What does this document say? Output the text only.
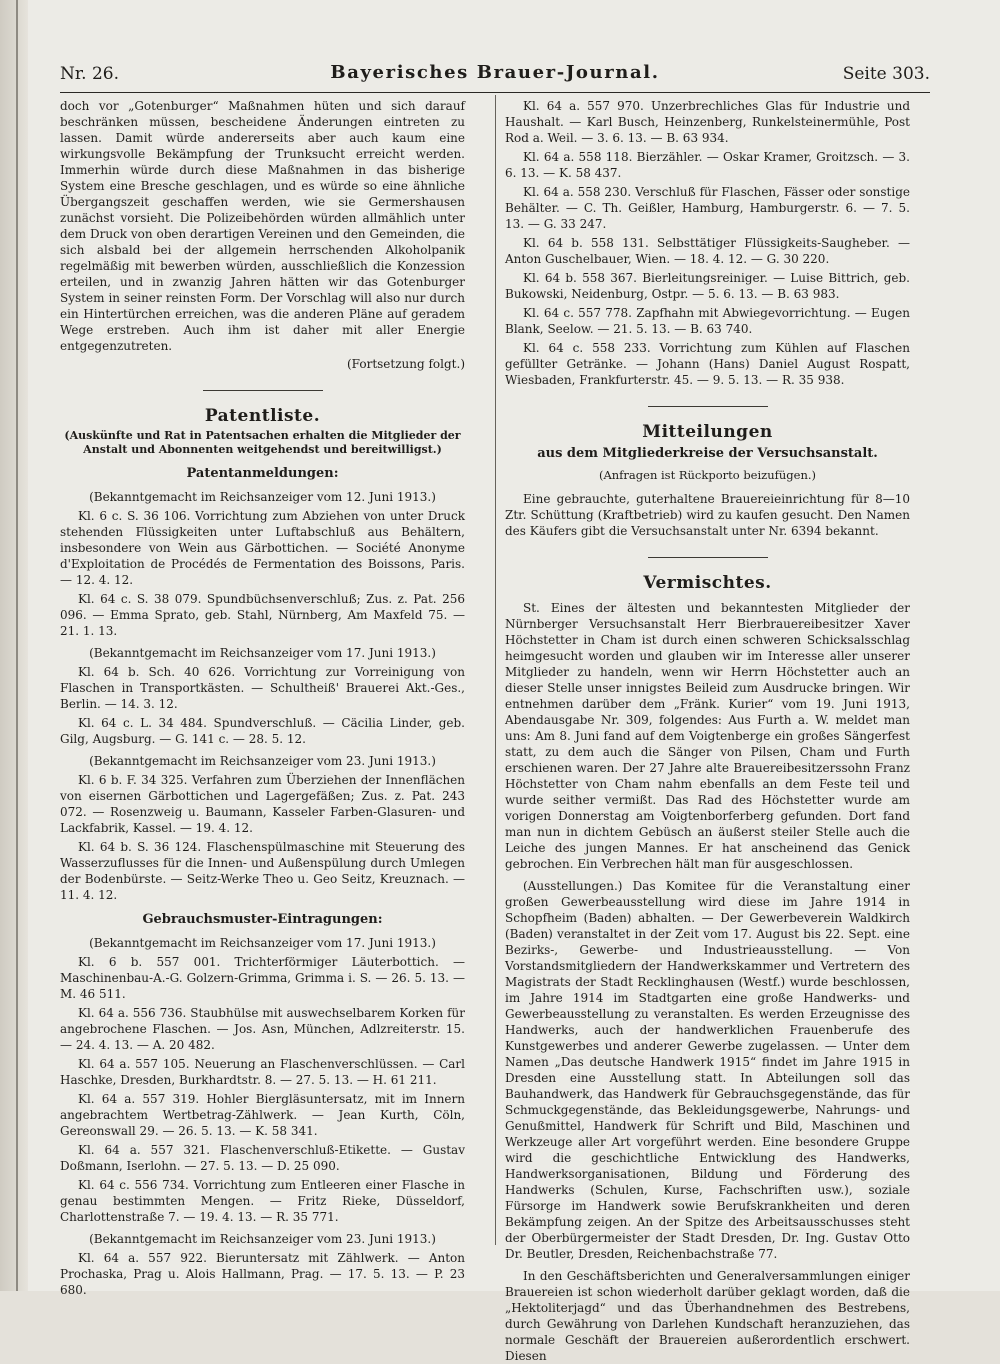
Nr. 26.	Bayerisches Brauer-Journal.	Seite 303.

doch vor „Gotenburger“ Maßnahmen hüten und sich darauf beschränken müssen, bescheidene Änderungen eintreten zu lassen. Damit würde andererseits aber auch kaum eine wirkungsvolle Bekämpfung der Trunksucht erreicht werden. Immerhin würde durch diese Maßnahmen in das bisherige System eine Bresche geschlagen, und es würde so eine ähnliche Übergangszeit geschaffen werden, wie sie Germershausen zunächst vorsieht. Die Polizeibehörden würden allmählich unter dem Druck von oben derartigen Vereinen und den Gemeinden, die sich alsbald bei der allgemein herrschenden Alkoholpanik regelmäßig mit bewerben würden, ausschließlich die Konzession erteilen, und in zwanzig Jahren hätten wir das Gotenburger System in seiner reinsten Form. Der Vorschlag will also nur durch ein Hintertürchen erreichen, was die anderen Pläne auf geradem Wege erstreben. Auch ihm ist daher mit aller Energie entgegenzutreten.

(Fortsetzung folgt.)

Patentliste.
(Auskünfte und Rat in Patentsachen erhalten die Mitglieder der Anstalt und Abonnenten weitgehendst und bereitwilligst.)
Patentanmeldungen:

(Bekanntgemacht im Reichsanzeiger vom 12. Juni 1913.)

Kl. 6 c. S. 36 106. Vorrichtung zum Abziehen von unter Druck stehenden Flüssigkeiten unter Luftabschluß aus Behältern, insbesondere von Wein aus Gärbottichen. — Société Anonyme d'Exploitation de Procédés de Fermentation des Boissons, Paris. — 12. 4. 12.

Kl. 64 c. S. 38 079. Spundbüchsenverschluß; Zus. z. Pat. 256 096. — Emma Sprato, geb. Stahl, Nürnberg, Am Maxfeld 75. — 21. 1. 13.

(Bekanntgemacht im Reichsanzeiger vom 17. Juni 1913.)

Kl. 64 b. Sch. 40 626. Vorrichtung zur Vorreinigung von Flaschen in Transportkästen. — Schultheiß' Brauerei Akt.-Ges., Berlin. — 14. 3. 12.

Kl. 64 c. L. 34 484. Spundverschluß. — Cäcilia Linder, geb. Gilg, Augsburg. — G. 141 c. — 28. 5. 12.

(Bekanntgemacht im Reichsanzeiger vom 23. Juni 1913.)

Kl. 6 b. F. 34 325. Verfahren zum Überziehen der Innenflächen von eisernen Gärbottichen und Lagergefäßen; Zus. z. Pat. 243 072. — Rosenzweig u. Baumann, Kasseler Farben-Glasuren- und Lackfabrik, Kassel. — 19. 4. 12.

Kl. 64 b. S. 36 124. Flaschenspülmaschine mit Steuerung des Wasserzuflusses für die Innen- und Außenspülung durch Umlegen der Bodenbürste. — Seitz-Werke Theo u. Geo Seitz, Kreuznach. — 11. 4. 12.

Gebrauchsmuster-Eintragungen:

(Bekanntgemacht im Reichsanzeiger vom 17. Juni 1913.)

Kl. 6 b. 557 001. Trichterförmiger Läuterbottich. — Maschinenbau-A.-G. Golzern-Grimma, Grimma i. S. — 26. 5. 13. — M. 46 511.

Kl. 64 a. 556 736. Staubhülse mit auswechselbarem Korken für angebrochene Flaschen. — Jos. Asn, München, Adlzreiterstr. 15. — 24. 4. 13. — A. 20 482.

Kl. 64 a. 557 105. Neuerung an Flaschenverschlüssen. — Carl Haschke, Dresden, Burkhardtstr. 8. — 27. 5. 13. — H. 61 211.

Kl. 64 a. 557 319. Hohler Biergläsuntersatz, mit im Innern angebrachtem Wertbetrag-Zählwerk. — Jean Kurth, Cöln, Gereonswall 29. — 26. 5. 13. — K. 58 341.

Kl. 64 a. 557 321. Flaschenverschluß-Etikette. — Gustav Doßmann, Iserlohn. — 27. 5. 13. — D. 25 090.

Kl. 64 c. 556 734. Vorrichtung zum Entleeren einer Flasche in genau bestimmten Mengen. — Fritz Rieke, Düsseldorf, Charlottenstraße 7. — 19. 4. 13. — R. 35 771.

(Bekanntgemacht im Reichsanzeiger vom 23. Juni 1913.)

Kl. 64 a. 557 922. Bieruntersatz mit Zählwerk. — Anton Prochaska, Prag u. Alois Hallmann, Prag. — 17. 5. 13. — P. 23 680.

Kl. 64 a. 557 970. Unzerbrechliches Glas für Industrie und Haushalt. — Karl Busch, Heinzenberg, Runkelsteinermühle, Post Rod a. Weil. — 3. 6. 13. — B. 63 934.

Kl. 64 a. 558 118. Bierzähler. — Oskar Kramer, Groitzsch. — 3. 6. 13. — K. 58 437.

Kl. 64 a. 558 230. Verschluß für Flaschen, Fässer oder sonstige Behälter. — C. Th. Geißler, Hamburg, Hamburgerstr. 6. — 7. 5. 13. — G. 33 247.

Kl. 64 b. 558 131. Selbsttätiger Flüssigkeits-Saugheber. — Anton Guschelbauer, Wien. — 18. 4. 12. — G. 30 220.

Kl. 64 b. 558 367. Bierleitungsreiniger. — Luise Bittrich, geb. Bukowski, Neidenburg, Ostpr. — 5. 6. 13. — B. 63 983.

Kl. 64 c. 557 778. Zapfhahn mit Abwiegevorrichtung. — Eugen Blank, Seelow. — 21. 5. 13. — B. 63 740.

Kl. 64 c. 558 233. Vorrichtung zum Kühlen auf Flaschen gefüllter Getränke. — Johann (Hans) Daniel August Rospatt, Wiesbaden, Frankfurterstr. 45. — 9. 5. 13. — R. 35 938.

Mitteilungen
aus dem Mitgliederkreise der Versuchsanstalt.
(Anfragen ist Rückporto beizufügen.)

Eine gebrauchte, guterhaltene Brauereieinrichtung für 8—10 Ztr. Schüttung (Kraftbetrieb) wird zu kaufen gesucht. Den Namen des Käufers gibt die Versuchsanstalt unter Nr. 6394 bekannt.

Vermischtes.

St. Eines der ältesten und bekanntesten Mitglieder der Nürnberger Versuchsanstalt Herr Bierbrauereibesitzer Xaver Höchstetter in Cham ist durch einen schweren Schicksalsschlag heimgesucht worden und glauben wir im Interesse aller unserer Mitglieder zu handeln, wenn wir Herrn Höchstetter auch an dieser Stelle unser innigstes Beileid zum Ausdrucke bringen. Wir entnehmen darüber dem „Fränk. Kurier“ vom 19. Juni 1913, Abendausgabe Nr. 309, folgendes: Aus Furth a. W. meldet man uns: Am 8. Juni fand auf dem Voigtenberge ein großes Sängerfest statt, zu dem auch die Sänger von Pilsen, Cham und Furth erschienen waren. Der 27 Jahre alte Brauereibesitzerssohn Franz Höchstetter von Cham nahm ebenfalls an dem Feste teil und wurde seither vermißt. Das Rad des Höchstetter wurde am vorigen Donnerstag am Voigtenborferberg gefunden. Dort fand man nun in dichtem Gebüsch an äußerst steiler Stelle auch die Leiche des jungen Mannes. Er hat anscheinend das Genick gebrochen. Ein Verbrechen hält man für ausgeschlossen.

(Ausstellungen.) Das Komitee für die Veranstaltung einer großen Gewerbeausstellung wird diese im Jahre 1914 in Schopfheim (Baden) abhalten. — Der Gewerbeverein Waldkirch (Baden) veranstaltet in der Zeit vom 17. August bis 22. Sept. eine Bezirks-, Gewerbe- und Industrieausstellung. — Von Vorstandsmitgliedern der Handwerkskammer und Vertretern des Magistrats der Stadt Recklinghausen (Westf.) wurde beschlossen, im Jahre 1914 im Stadtgarten eine große Handwerks- und Gewerbeausstellung zu veranstalten. Es werden Erzeugnisse des Handwerks, auch der handwerklichen Frauenberufe des Kunstgewerbes und anderer Gewerbe zugelassen. — Unter dem Namen „Das deutsche Handwerk 1915“ findet im Jahre 1915 in Dresden eine Ausstellung statt. In Abteilungen soll das Bauhandwerk, das Handwerk für Gebrauchsgegenstände, das für Schmuckgegenstände, das Bekleidungsgewerbe, Nahrungs- und Genußmittel, Handwerk für Schrift und Bild, Maschinen und Werkzeuge aller Art vorgeführt werden. Eine besondere Gruppe wird die geschichtliche Entwicklung des Handwerks, Handwerksorganisationen, Bildung und Förderung des Handwerks (Schulen, Kurse, Fachschriften usw.), soziale Fürsorge im Handwerk sowie Berufskrankheiten und deren Bekämpfung zeigen. An der Spitze des Arbeitsausschusses steht der Oberbürgermeister der Stadt Dresden, Dr. Ing. Gustav Otto Dr. Beutler, Dresden, Reichenbachstraße 77.

In den Geschäftsberichten und Generalversammlungen einiger Brauereien ist schon wiederholt darüber geklagt worden, daß die „Hektoliterjagd“ und das Überhandnehmen des Bestrebens, durch Gewährung von Darlehen Kundschaft heranzuziehen, das normale Geschäft der Brauereien außerordentlich erschwert. Diesen
